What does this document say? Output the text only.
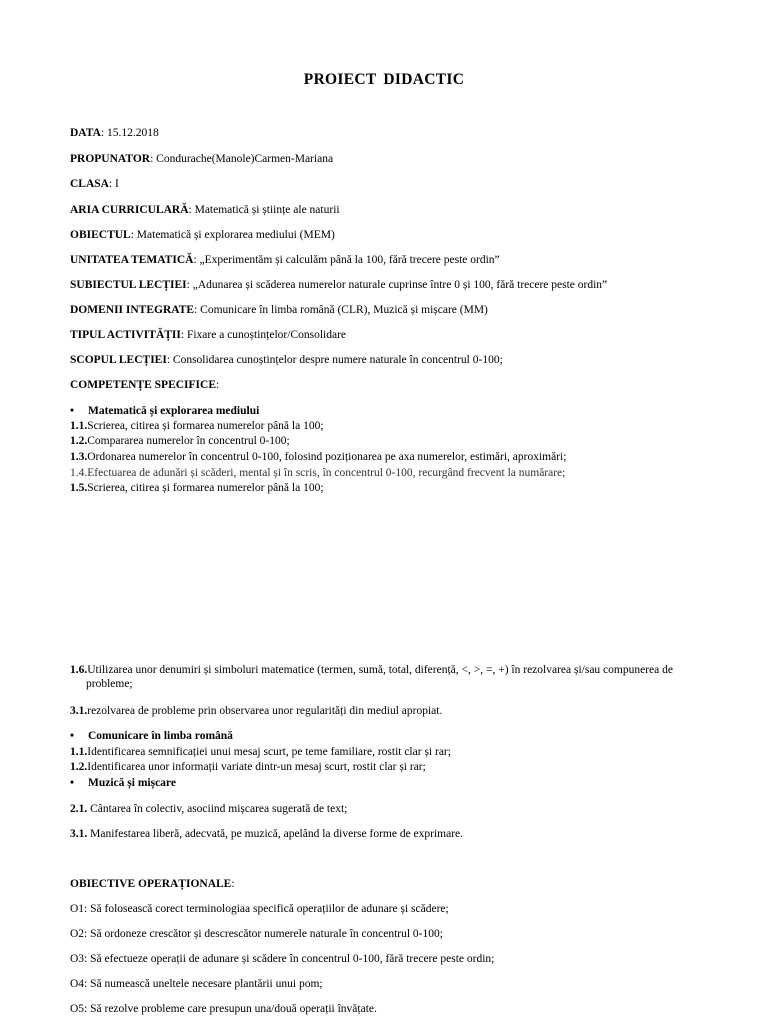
PROIECT DIDACTIC
DATA: 15.12.2018
PROPUNATOR: Condurache(Manole)Carmen-Mariana
CLASA: I
ARIA CURRICULARĂ: Matematică și științe ale naturii
OBIECTUL: Matematică și explorarea mediului (MEM)
UNITATEA TEMATICĂ: „Experimentăm și calculăm până la 100, fără trecere peste ordin”
SUBIECTUL LECȚIEI: „Adunarea și scăderea numerelor naturale cuprinse între 0 și 100, fără trecere peste ordin”
DOMENII INTEGRATE: Comunicare în limba română (CLR), Muzică și mișcare (MM)
TIPUL ACTIVITĂȚII: Fixare a cunoștințelor/Consolidare
SCOPUL LECȚIEI: Consolidarea cunoștințelor despre numere naturale în concentrul 0-100;
COMPETENȚE SPECIFICE:
• Matematică și explorarea mediului
1.1.Scrierea, citirea și formarea numerelor până la 100;
1.2.Compararea numerelor în concentrul 0-100;
1.3.Ordonarea numerelor în concentrul 0-100, folosind poziționarea pe axa numerelor, estimări, aproximări;
1.4.Efectuarea de adunări și scăderi, mental și în scris, în concentrul 0-100, recurgând frecvent la numărare;
1.5.Scrierea, citirea și formarea numerelor până la 100;
1.6.Utilizarea unor denumiri și simboluri matematice (termen, sumă, total, diferență, <, >, =, +) în rezolvarea și/sau compunerea de
probleme;
3.1.rezolvarea de probleme prin observarea unor regularități din mediul apropiat.
• Comunicare în limba română
1.1.Identificarea semnificației unui mesaj scurt, pe teme familiare, rostit clar și rar;
1.2.Identificarea unor informații variate dintr-un mesaj scurt, rostit clar și rar;
• Muzică și mișcare
2.1. Cântarea în colectiv, asociind mișcarea sugerată de text;
3.1. Manifestarea liberă, adecvată, pe muzică, apelând la diverse forme de exprimare.
OBIECTIVE OPERAȚIONALE:
O1: Să folosească corect terminologiaa specifică operațiilor de adunare și scădere;
O2: Să ordoneze crescător și descrescător numerele naturale în concentrul 0-100;
O3: Să efectueze operații de adunare și scădere în concentrul 0-100, fără trecere peste ordin;
O4: Să numească uneltele necesare plantării unui pom;
O5: Să rezolve probleme care presupun una/două operații învățate.
